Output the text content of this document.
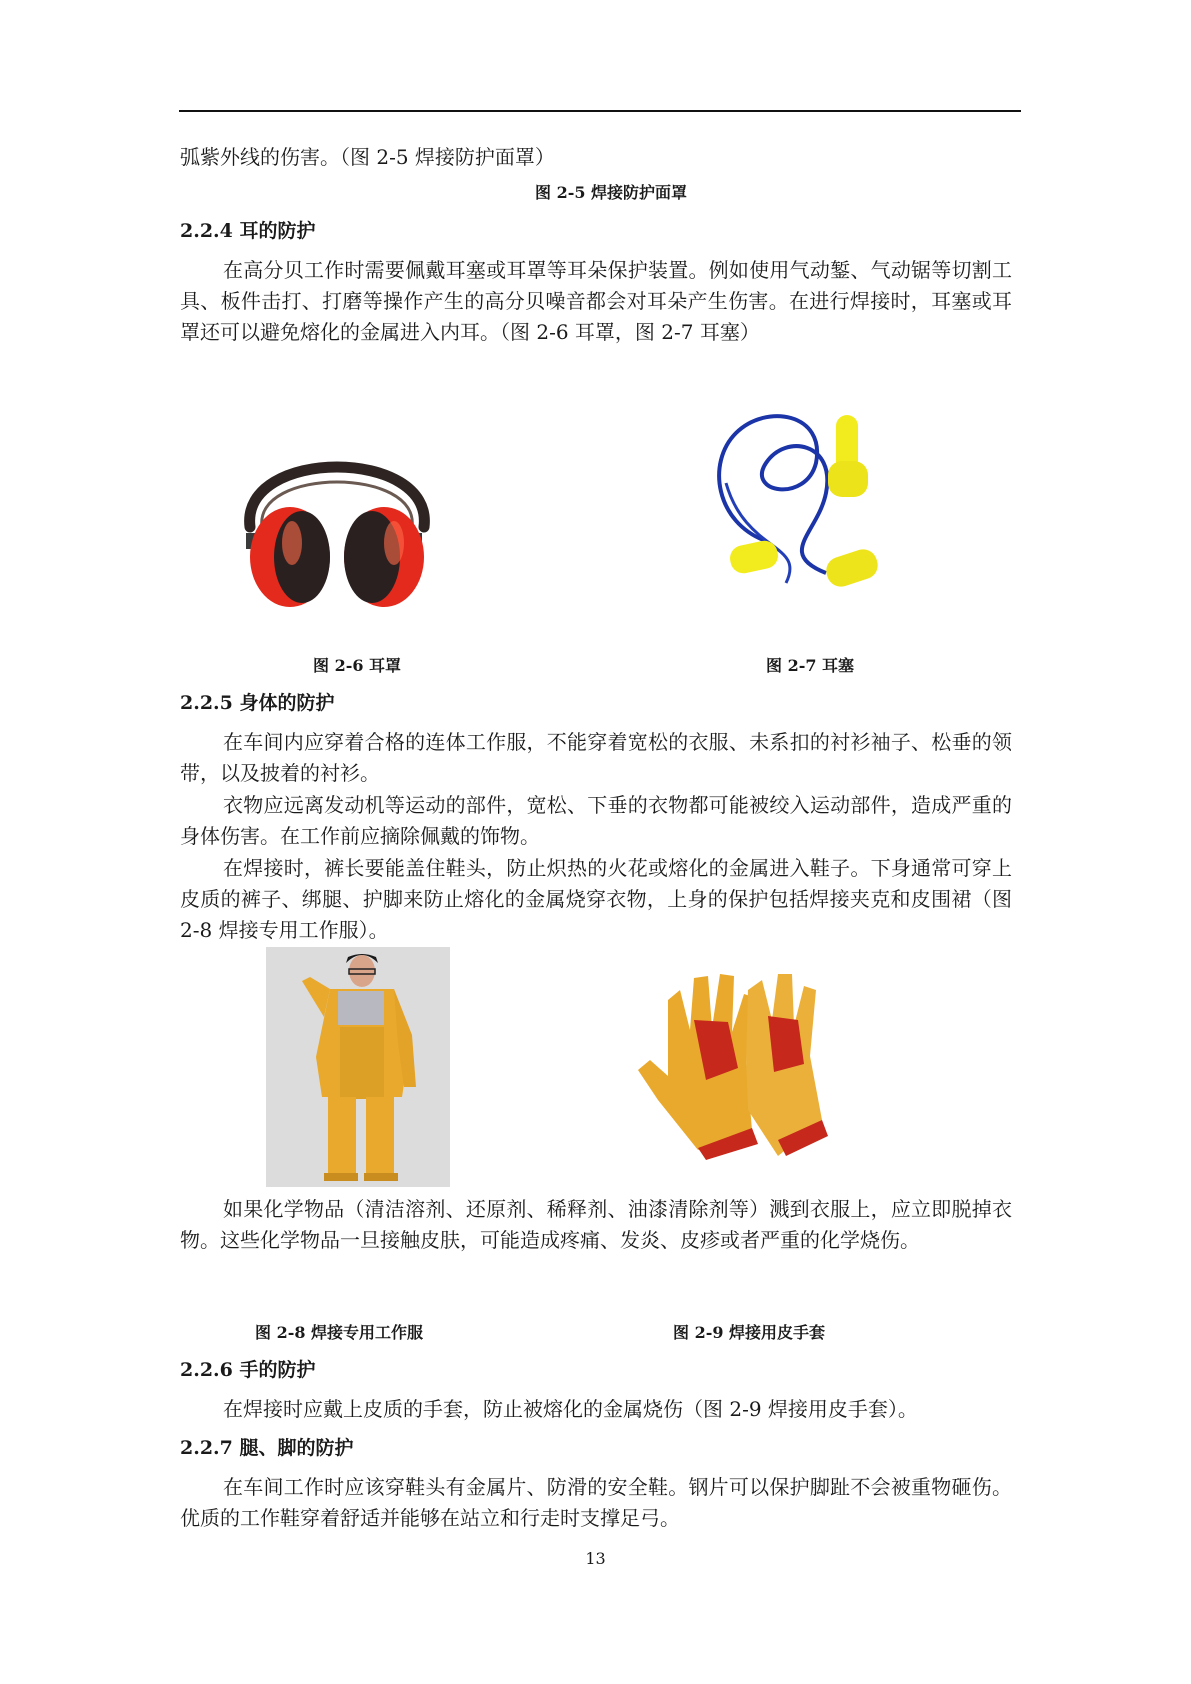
弧紫外线的伤害。（图 2-5 焊接防护面罩）

图 2-5 焊接防护面罩

2.2.4 耳的防护

在高分贝工作时需要佩戴耳塞或耳罩等耳朵保护装置。例如使用气动錾、气动锯等切割工具、板件击打、打磨等操作产生的高分贝噪音都会对耳朵产生伤害。在进行焊接时，耳塞或耳罩还可以避免熔化的金属进入内耳。（图 2-6 耳罩，图 2-7 耳塞）

图 2-6 耳罩	图 2-7 耳塞

2.2.5 身体的防护

在车间内应穿着合格的连体工作服，不能穿着宽松的衣服、未系扣的衬衫袖子、松垂的领带，以及披着的衬衫。

衣物应远离发动机等运动的部件，宽松、下垂的衣物都可能被绞入运动部件，造成严重的身体伤害。在工作前应摘除佩戴的饰物。

在焊接时，裤长要能盖住鞋头，防止炽热的火花或熔化的金属进入鞋子。下身通常可穿上皮质的裤子、绑腿、护脚来防止熔化的金属烧穿衣物，上身的保护包括焊接夹克和皮围裙（图 2-8 焊接专用工作服）。

如果化学物品（清洁溶剂、还原剂、稀释剂、油漆清除剂等）溅到衣服上，应立即脱掉衣物。这些化学物品一旦接触皮肤，可能造成疼痛、发炎、皮疹或者严重的化学烧伤。

图 2-8 焊接专用工作服	图 2-9 焊接用皮手套

2.2.6 手的防护

在焊接时应戴上皮质的手套，防止被熔化的金属烧伤（图 2-9 焊接用皮手套）。

2.2.7 腿、脚的防护

在车间工作时应该穿鞋头有金属片、防滑的安全鞋。钢片可以保护脚趾不会被重物砸伤。优质的工作鞋穿着舒适并能够在站立和行走时支撑足弓。

13
